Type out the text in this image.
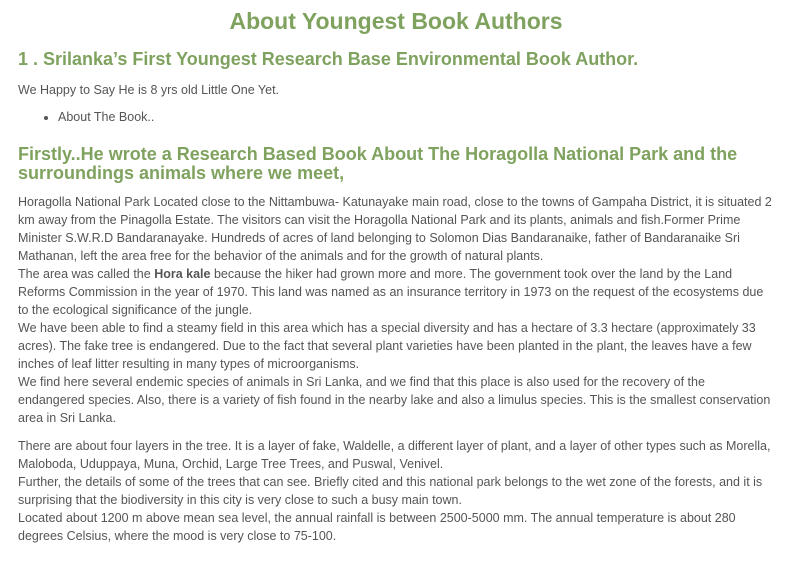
About Youngest Book Authors
1 . Srilanka’s First Youngest Research Base Environmental Book Author.

We Happy to Say He is 8 yrs old Little One Yet.

• About The Book..
Firstly..He wrote a Research Based Book About The Horagolla National Park and the surroundings animals where we meet,

Horagolla National Park Located close to the Nittambuwa- Katunayake main road, close to the towns of Gampaha District, it is situated 2 km away from the Pinagolla Estate. The visitors can visit the Horagolla National Park and its plants, animals and fish.Former Prime Minister S.W.R.D Bandaranayake. Hundreds of acres of land belonging to Solomon Dias Bandaranaike, father of Bandaranaike Sri Mathanan, left the area free for the behavior of the animals and for the growth of natural plants.
The area was called the Hora kale because the hiker had grown more and more. The government took over the land by the Land Reforms Commission in the year of 1970. This land was named as an insurance territory in 1973 on the request of the ecosystems due to the ecological significance of the jungle.
We have been able to find a steamy field in this area which has a special diversity and has a hectare of 3.3 hectare (approximately 33 acres). The fake tree is endangered. Due to the fact that several plant varieties have been planted in the plant, the leaves have a few inches of leaf litter resulting in many types of microorganisms.
We find here several endemic species of animals in Sri Lanka, and we find that this place is also used for the recovery of the endangered species. Also, there is a variety of fish found in the nearby lake and also a limulus species. This is the smallest conservation area in Sri Lanka.

There are about four layers in the tree. It is a layer of fake, Waldelle, a different layer of plant, and a layer of other types such as Morella, Maloboda, Uduppaya, Muna, Orchid, Large Tree Trees, and Puswal, Venivel.
Further, the details of some of the trees that can see. Briefly cited and this national park belongs to the wet zone of the forests, and it is surprising that the biodiversity in this city is very close to such a busy main town.
Located about 1200 m above mean sea level, the annual rainfall is between 2500-5000 mm. The annual temperature is about 280 degrees Celsius, where the mood is very close to 75-100.
